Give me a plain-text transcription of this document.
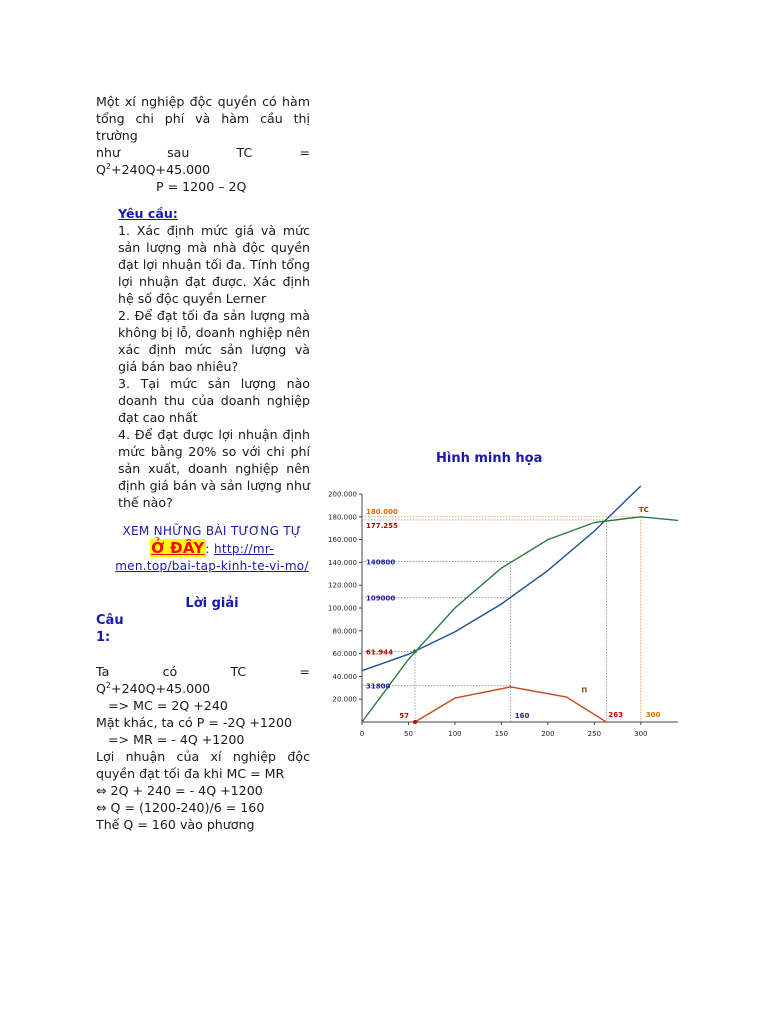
Một xí nghiệp độc quyền có hàm tổng chi phí và hàm cầu thị trường

như	sau	TC	=

$Q^2+240Q+45.000$

P = 1200 – 2Q

Yêu cầu:

1. Xác định mức giá và mức sản lượng mà nhà độc quyền đạt lợi nhuận tối đa. Tính tổng lợi nhuận đạt được. Xác định hệ số độc quyền Lerner

2. Để đạt tối đa sản lượng mà không bị lỗ, doanh nghiệp nên xác định mức sản lượng và giá bán bao nhiêu?

3. Tại mức sản lượng nào doanh thu của doanh nghiệp đạt cao nhất

4. Để đạt được lợi nhuận định mức bằng 20% so với chi phí sản xuất, doanh nghiệp nên định giá bán và sản lượng như thế nào?

XEM NHỮNG BÀI TƯƠNG TỰ Ở ĐÂY: http://mr-men.top/bai-tap-kinh-te-vi-mo/

Lời giải

Câu 1:

Ta	có	TC	=

$Q^2+240Q+45.000$

=> MC = 2Q +240

Mặt khác, ta có P = -2Q +1200

=> MR = - 4Q +1200

Lợi nhuận của xí nghiệp độc quyền đạt tối đa khi MC = MR

⇔ 2Q + 240 = - 4Q +1200

⇔ Q = (1200-240)/6 = 160

Thế Q = 160 vào phương

Hình minh họa
0	50	100	150	200	250	300
20.000
40.000
60.000
80.000
100.000
120.000
140.000
160.000
180.000
200.000
180.000
177.255
140800
109000
61.944
31800
57	160	263	300
TC
Π
